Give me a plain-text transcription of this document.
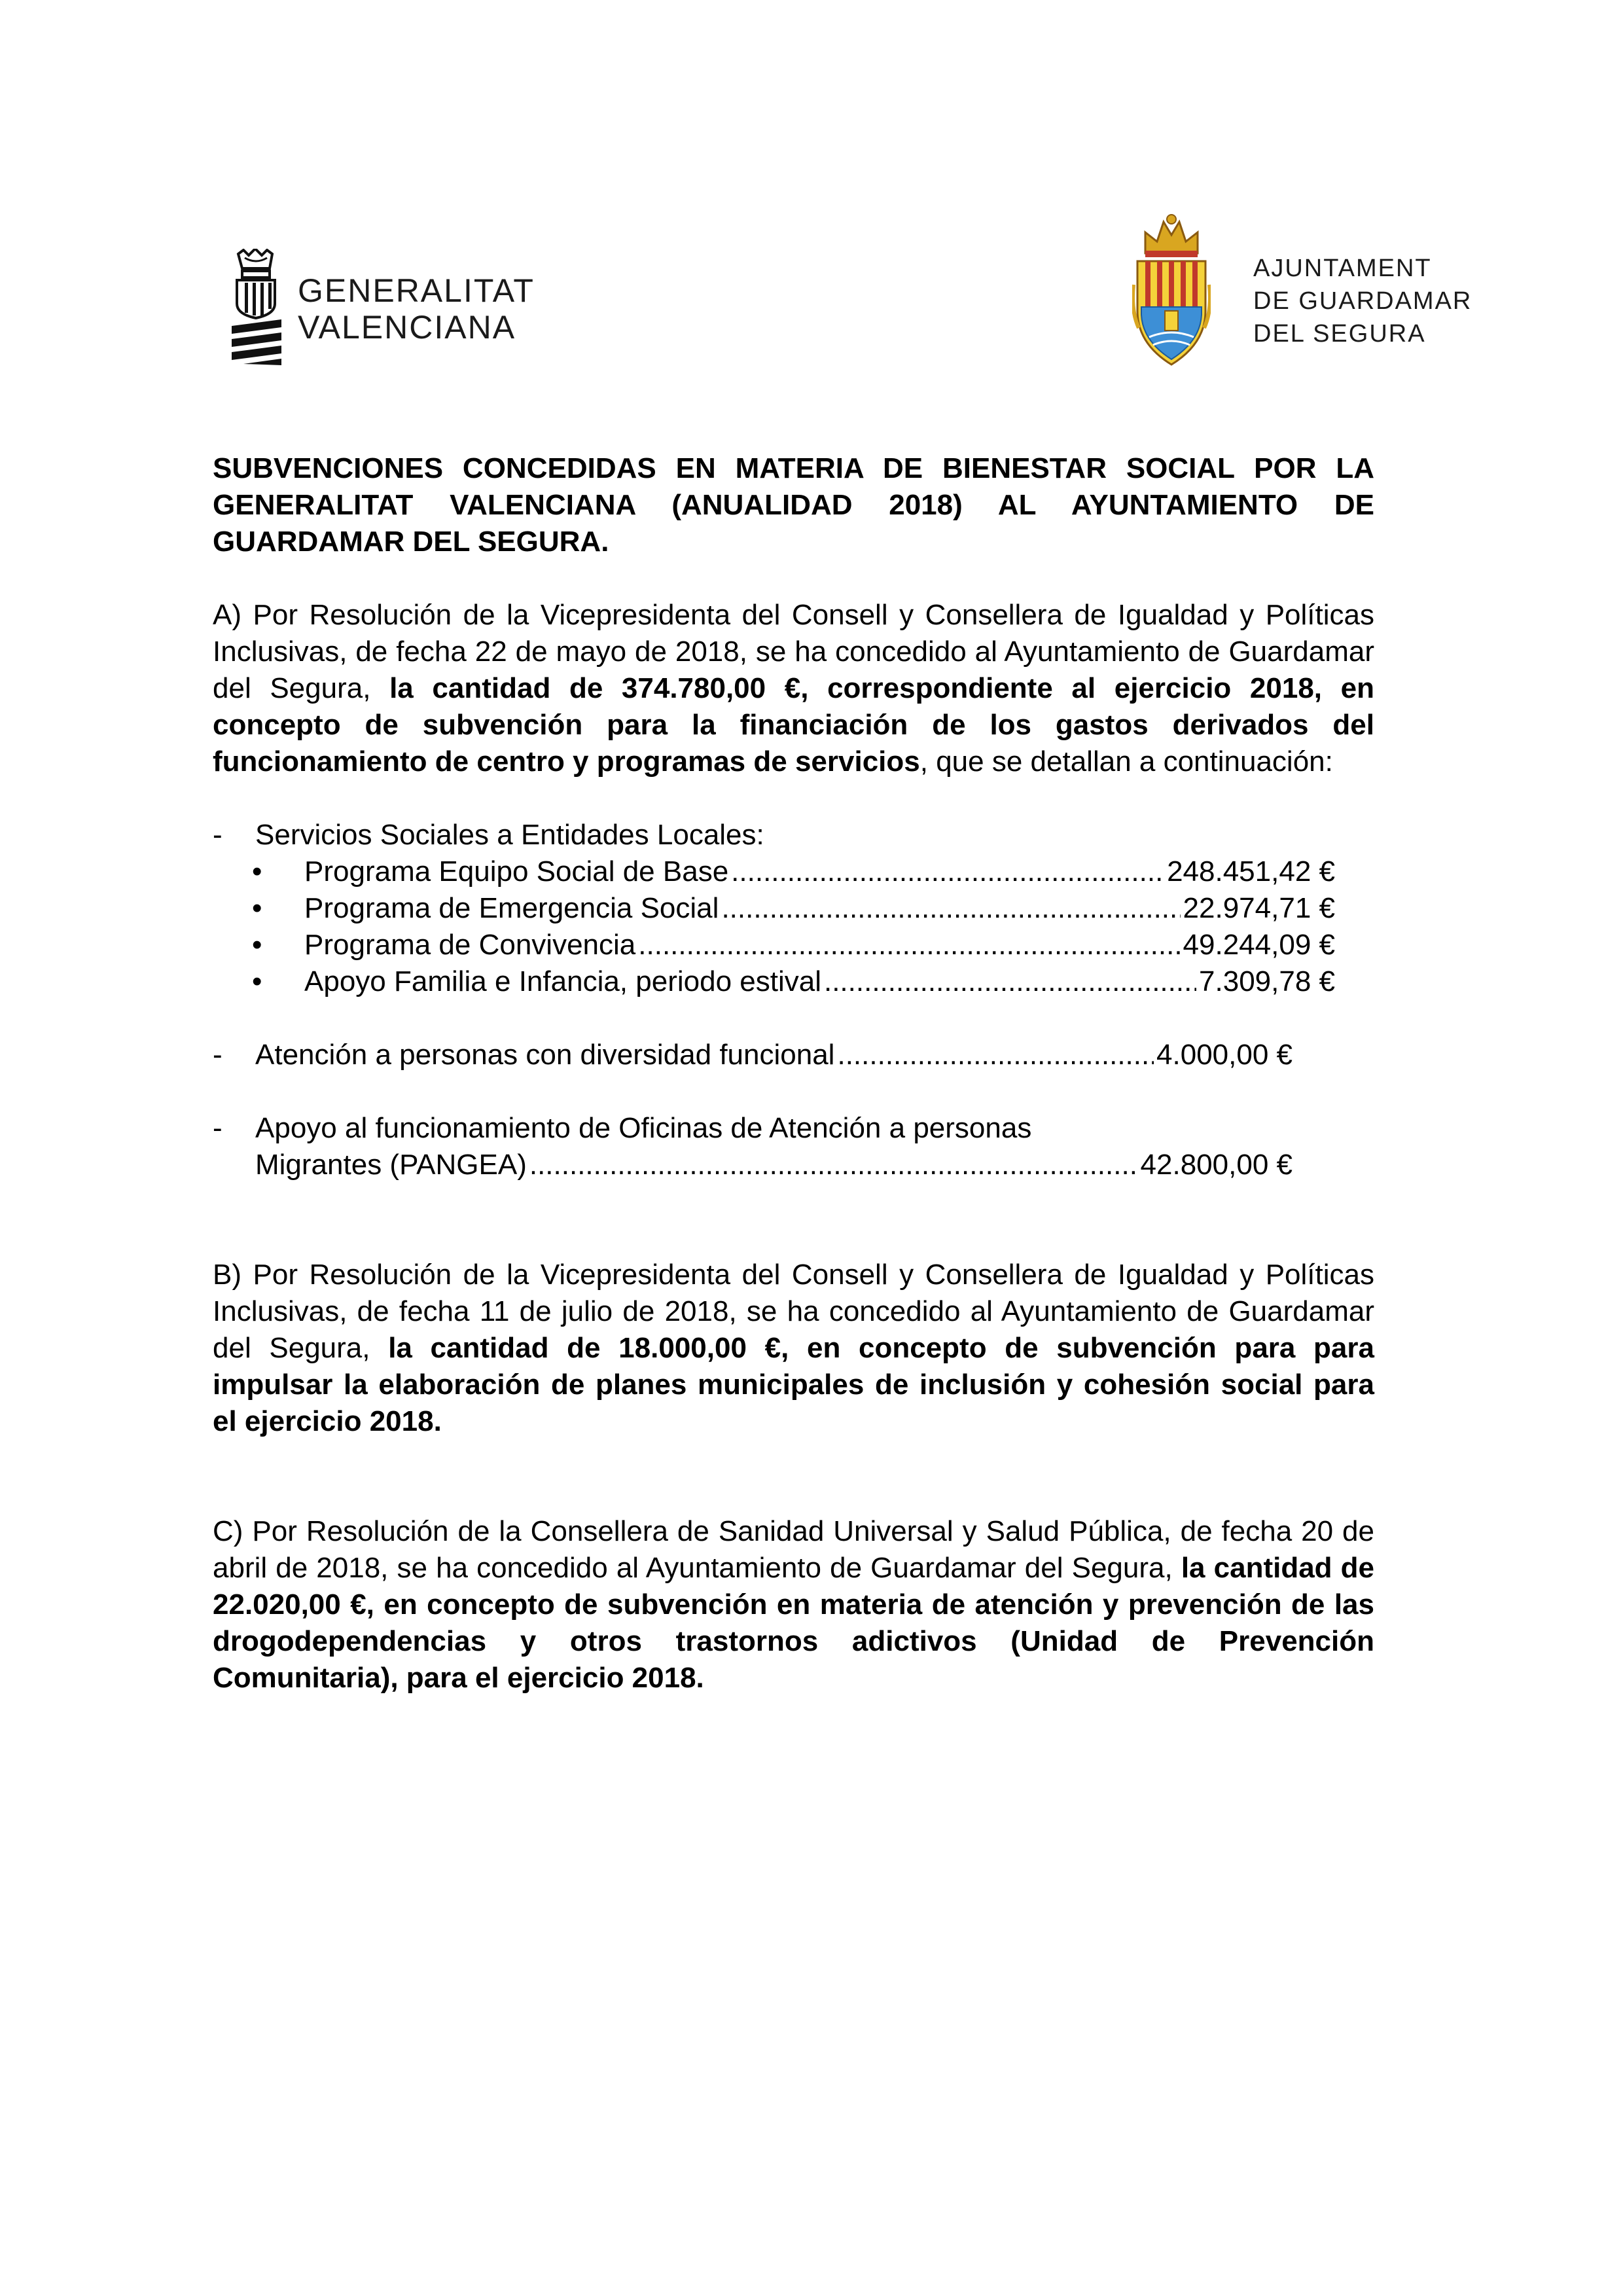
GENERALITAT
VALENCIANA
AJUNTAMENT
DE GUARDAMAR
DEL SEGURA

SUBVENCIONES CONCEDIDAS EN MATERIA DE BIENESTAR SOCIAL POR LA GENERALITAT VALENCIANA (ANUALIDAD 2018) AL AYUNTAMIENTO DE GUARDAMAR DEL SEGURA.

A) Por Resolución de la Vicepresidenta del Consell y Consellera de Igualdad y Políticas Inclusivas, de fecha 22 de mayo de 2018, se ha concedido al Ayuntamiento de Guardamar del Segura, la cantidad de 374.780,00 €, correspondiente al ejercicio 2018, en concepto de subvención para la financiación de los gastos derivados del funcionamiento de centro y programas de servicios, que se detallan a continuación:

- Servicios Sociales a Entidades Locales:
• Programa Equipo Social de Base .....	248.451,42 €
• Programa de Emergencia Social .....	22.974,71 €
• Programa de Convivencia .....	49.244,09 €
• Apoyo Familia e Infancia, periodo estival .....	7.309,78 €
- Atención a personas con diversidad funcional .....	4.000,00 €
- Apoyo al funcionamiento de Oficinas de Atención a personas
Migrantes (PANGEA) .....	42.800,00 €

B) Por Resolución de la Vicepresidenta del Consell y Consellera de Igualdad y Políticas Inclusivas, de fecha 11 de julio de 2018, se ha concedido al Ayuntamiento de Guardamar del Segura, la cantidad de 18.000,00 €, en concepto de subvención para para impulsar la elaboración de planes municipales de inclusión y cohesión social para el ejercicio 2018.

C) Por Resolución de la Consellera de Sanidad Universal y Salud Pública, de fecha 20 de abril de 2018, se ha concedido al Ayuntamiento de Guardamar del Segura, la cantidad de 22.020,00 €, en concepto de subvención en materia de atención y prevención de las drogodependencias y otros trastornos adictivos (Unidad de Prevención Comunitaria), para el ejercicio 2018.
